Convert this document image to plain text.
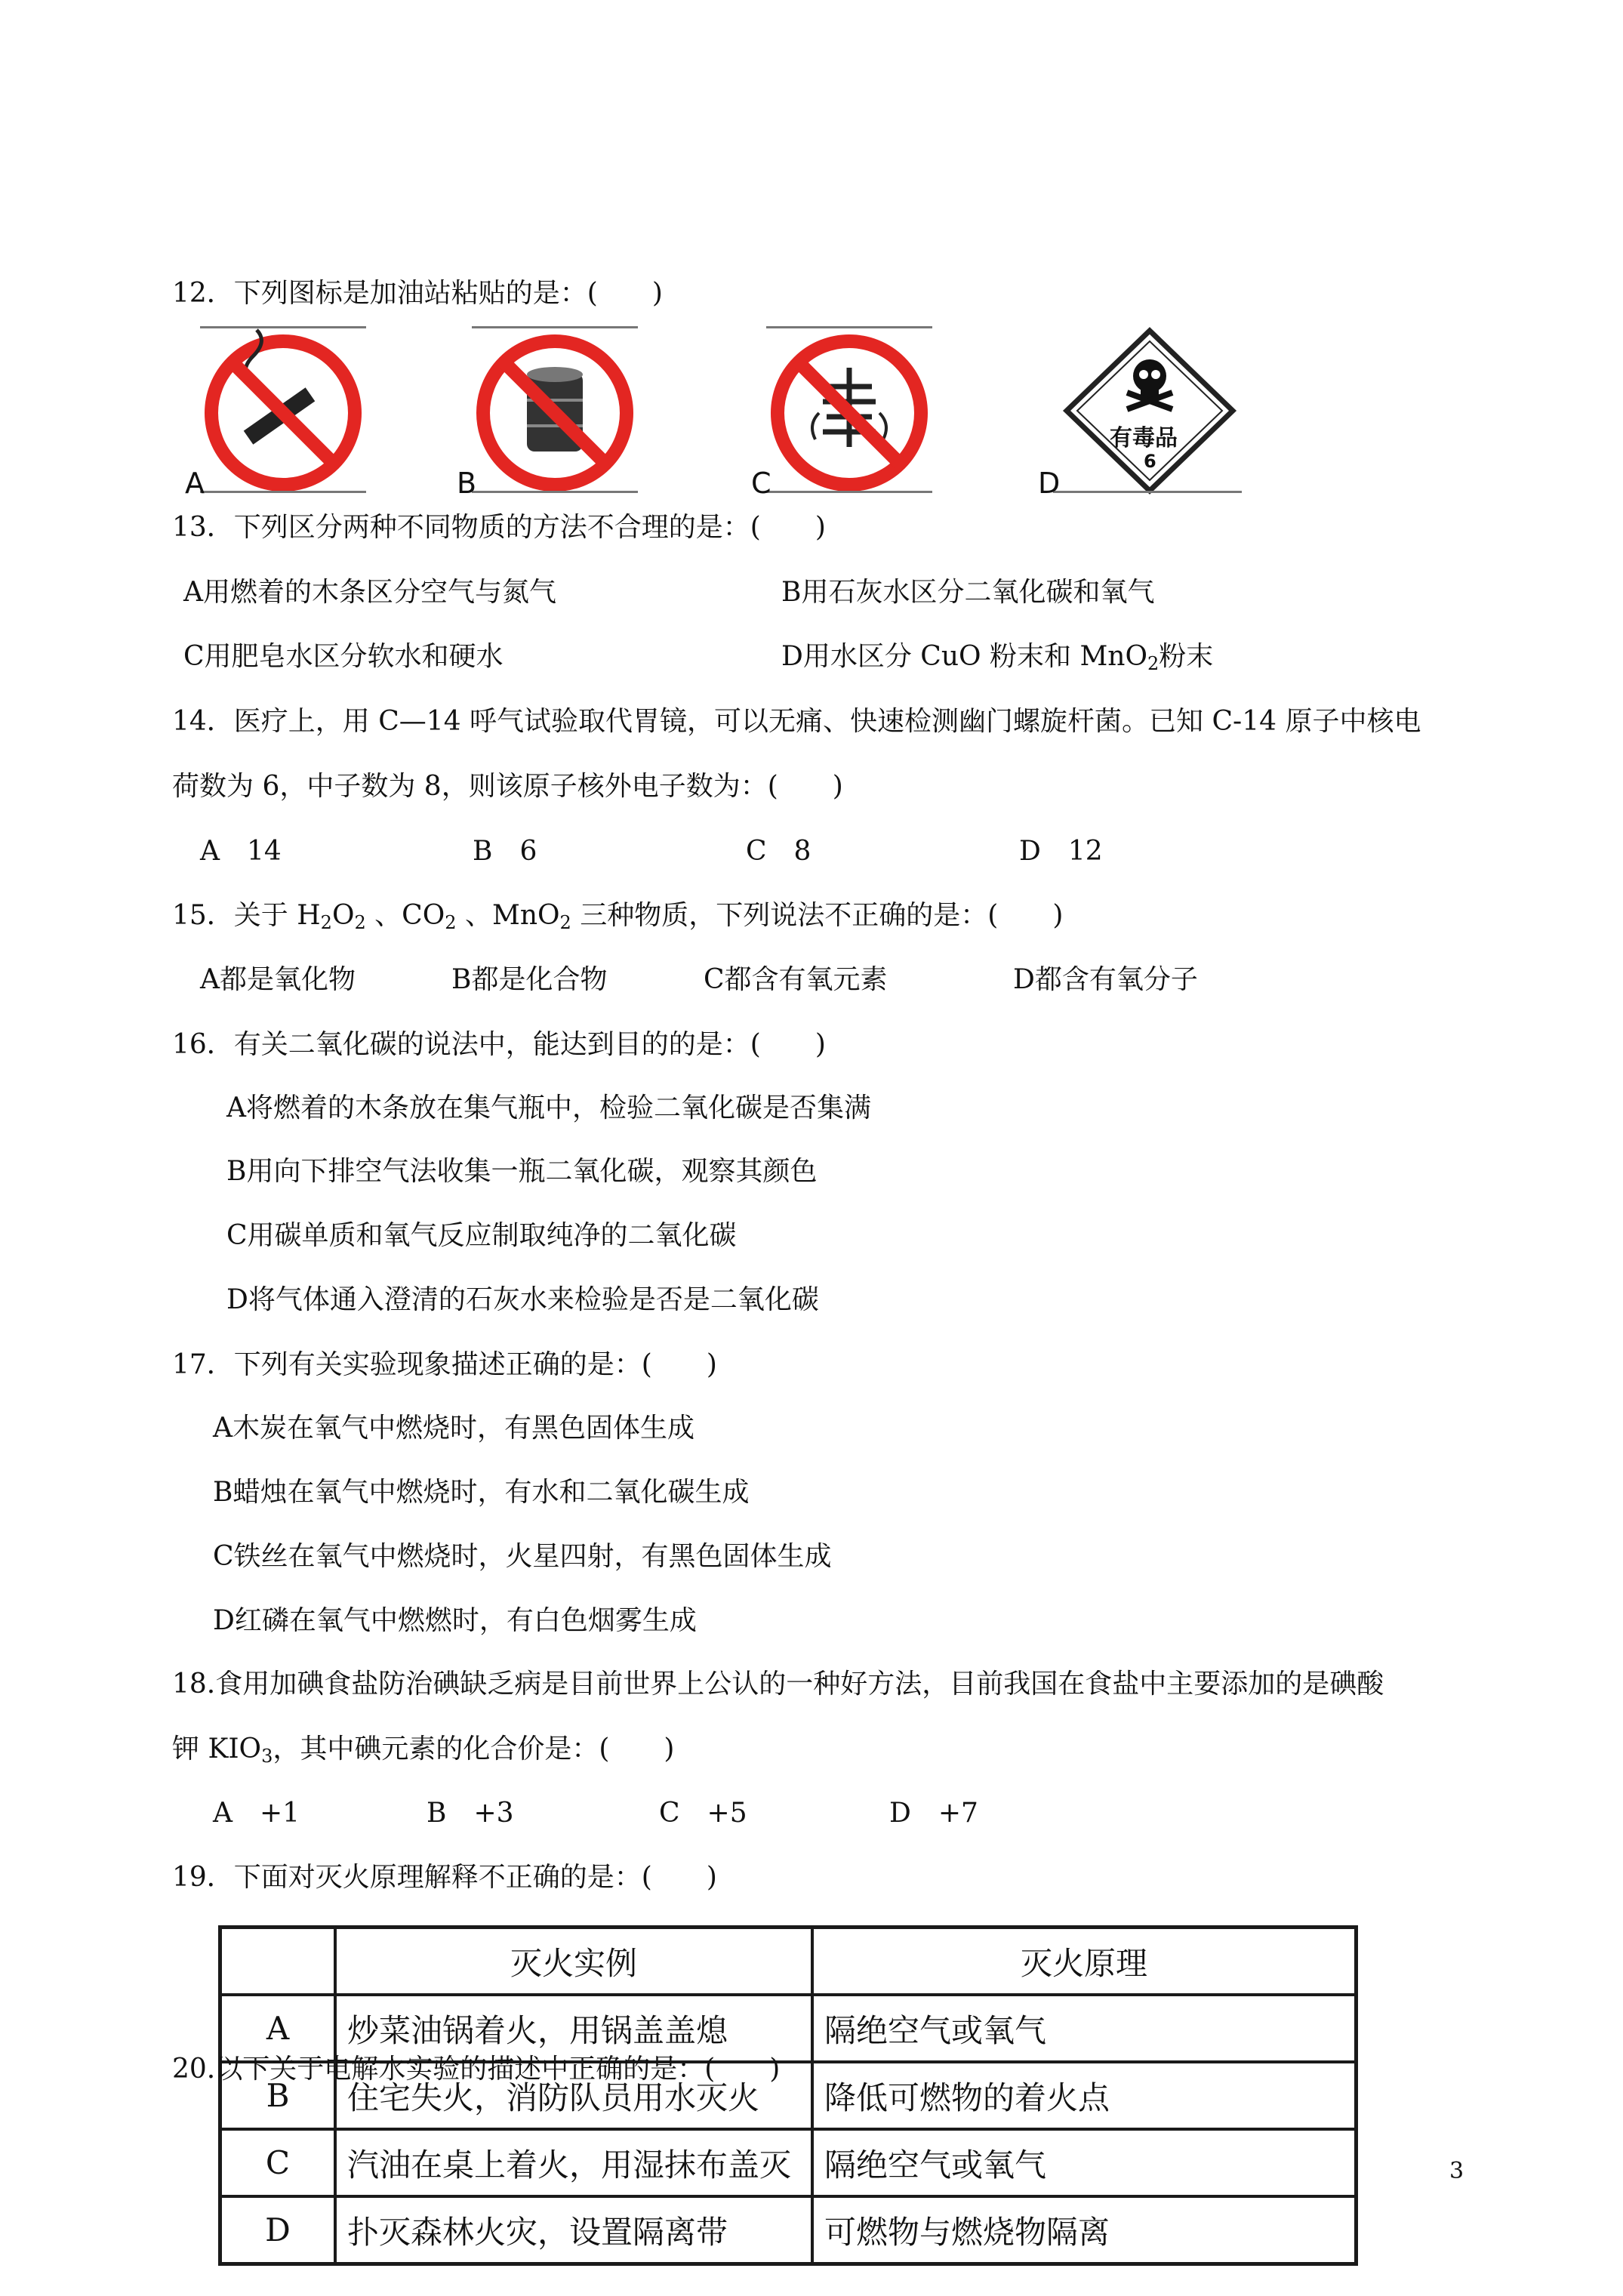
12．下列图标是加油站粘贴的是：(　　)
A	B	C
有毒品
6
D
13．下列区分两种不同物质的方法不合理的是：(　　)
A用燃着的木条区分空气与氮气	B用石灰水区分二氧化碳和氧气
C用肥皂水区分软水和硬水	D用水区分 CuO 粉末和 MnO$_2$粉末
14．医疗上，用 C—14 呼气试验取代胃镜，可以无痛、快速检测幽门螺旋杆菌。已知 C-14 原子中核电
荷数为 6，中子数为 8，则该原子核外电子数为：(　　)
A　14	B　6	C　8	D　12
15．关于 $H_2O_2$ 、$CO_2$ 、MnO$_2$ 三种物质，下列说法不正确的是：(　　)
A都是氧化物	B都是化合物	C都含有氧元素	D都含有氧分子
16．有关二氧化碳的说法中，能达到目的的是：(　　)
A将燃着的木条放在集气瓶中，检验二氧化碳是否集满
B用向下排空气法收集一瓶二氧化碳，观察其颜色
C用碳单质和氧气反应制取纯净的二氧化碳
D将气体通入澄清的石灰水来检验是否是二氧化碳
17．下列有关实验现象描述正确的是：(　　)
A木炭在氧气中燃烧时，有黑色固体生成
B蜡烛在氧气中燃烧时，有水和二氧化碳生成
C铁丝在氧气中燃烧时，火星四射，有黑色固体生成
D红磷在氧气中燃燃时，有白色烟雾生成
18.食用加碘食盐防治碘缺乏病是目前世界上公认的一种好方法，目前我国在食盐中主要添加的是碘酸
钾 $KIO_3$，其中碘元素的化合价是：(　　)
A　+1	B　+3	C　+5	D　+7
19．下面对灭火原理解释不正确的是：(　　)
	灭火实例	灭火原理
A	炒菜油锅着火，用锅盖盖熄	隔绝空气或氧气
B	住宅失火，消防队员用水灭火	降低可燃物的着火点
C	汽油在桌上着火，用湿抹布盖灭	隔绝空气或氧气
D	扑灭森林火灾，设置隔离带	可燃物与燃烧物隔离
20.以下关于电解水实验的描述中正确的是：(　　)
3
